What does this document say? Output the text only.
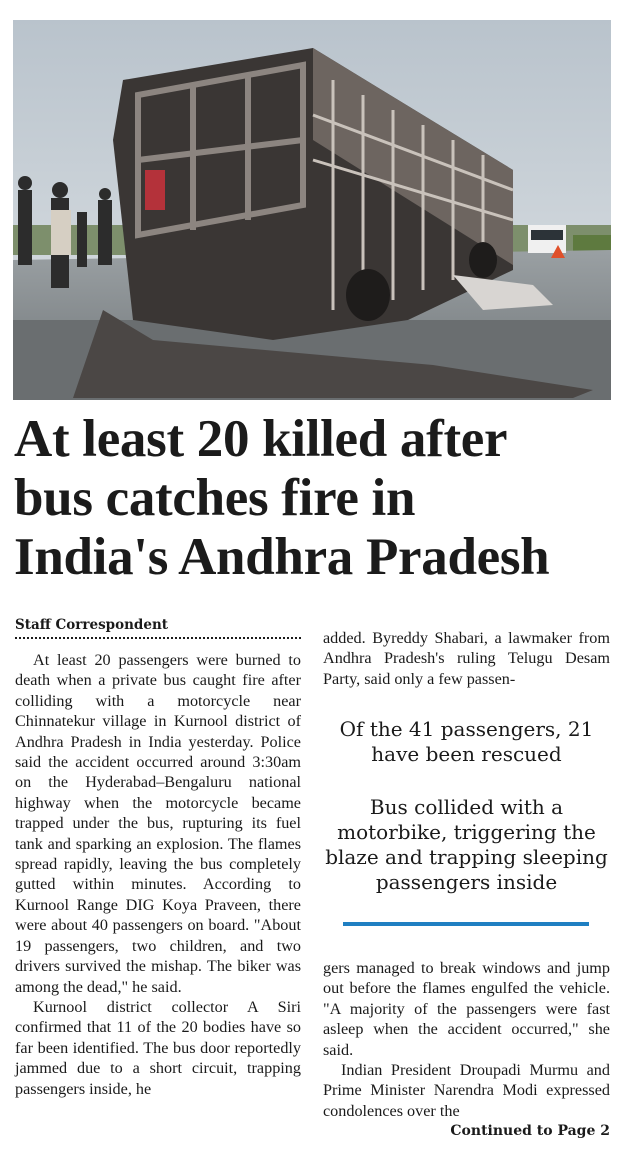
At least 20 killed after
bus catches fire in
India's Andhra Pradesh
Staff Correspondent

At least 20 passengers were burned to death when a private bus caught fire after colliding with a motorcycle near Chinnatekur village in Kurnool district of Andhra Pradesh in India yesterday. Police said the accident occurred around 3:30am on the Hyderabad–Bengaluru national highway when the motorcycle became trapped under the bus, rupturing its fuel tank and sparking an explosion. The flames spread rapidly, leaving the bus completely gutted within minutes. According to Kurnool Range DIG Koya Praveen, there were about 40 passengers on board. "About 19 passengers, two children, and two drivers survived the mishap. The biker was among the dead," he said.

Kurnool district collector A Siri confirmed that 11 of the 20 bodies have so far been identified. The bus door reportedly jammed due to a short circuit, trapping passengers inside, he

added. Byreddy Shabari, a lawmaker from Andhra Pradesh's ruling Telugu Desam Party, said only a few passen-

Of the 41 passengers, 21 have been rescued
Bus collided with a motorbike, triggering the blaze and trapping sleeping passengers inside

gers managed to break windows and jump out before the flames engulfed the vehicle. "A majority of the passengers were fast asleep when the accident occurred," she said.

Indian President Droupadi Murmu and Prime Minister Narendra Modi expressed condolences over the

Continued to Page 2
